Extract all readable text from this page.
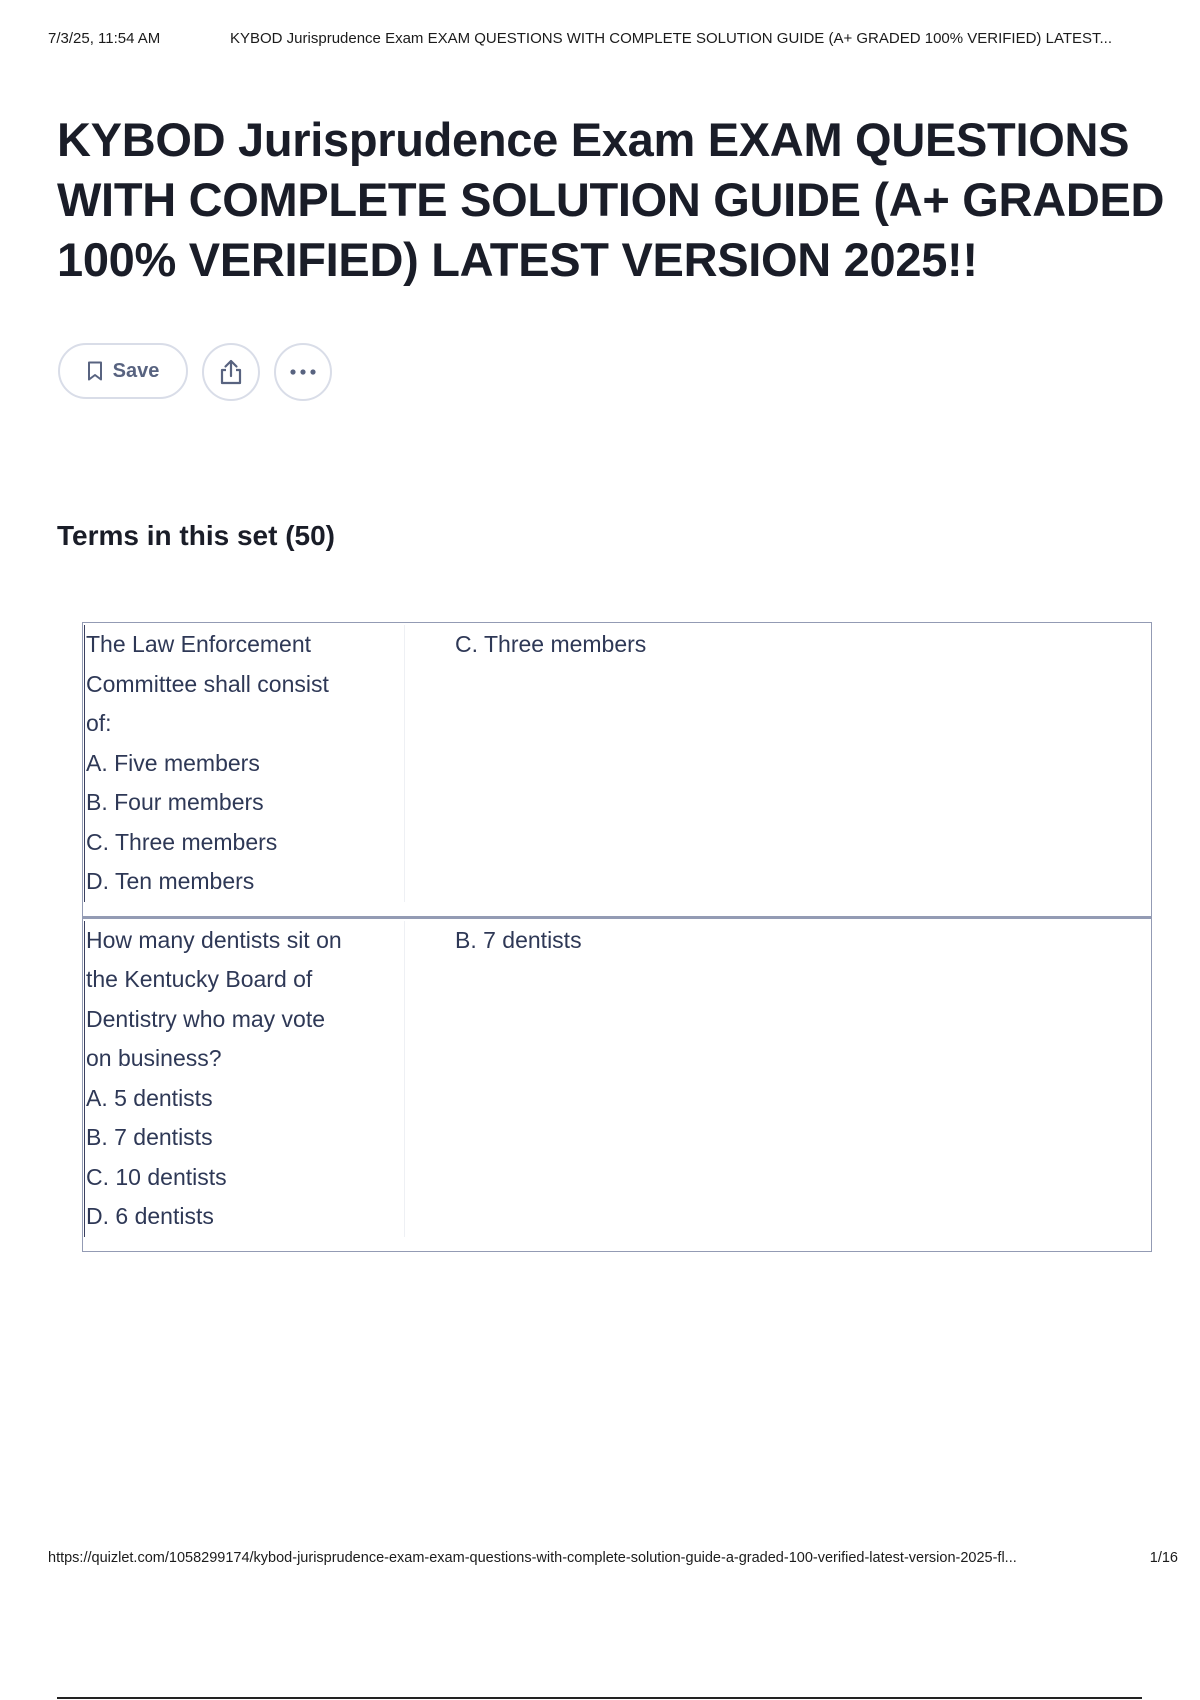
7/3/25, 11:54 AM	KYBOD Jurisprudence Exam EXAM QUESTIONS WITH COMPLETE SOLUTION GUIDE (A+ GRADED 100% VERIFIED) LATEST...
KYBOD Jurisprudence Exam EXAM QUESTIONS WITH COMPLETE SOLUTION GUIDE (A+ GRADED 100% VERIFIED) LATEST VERSION 2025!!
Save
Terms in this set (50)
The Law Enforcement
Committee shall consist
of:
A. Five members
B. Four members
C. Three members
D. Ten members
C. Three members
How many dentists sit on
the Kentucky Board of
Dentistry who may vote
on business?
A. 5 dentists
B. 7 dentists
C. 10 dentists
D. 6 dentists
B. 7 dentists
https://quizlet.com/1058299174/kybod-jurisprudence-exam-exam-questions-with-complete-solution-guide-a-graded-100-verified-latest-version-2025-fl...	1/16
